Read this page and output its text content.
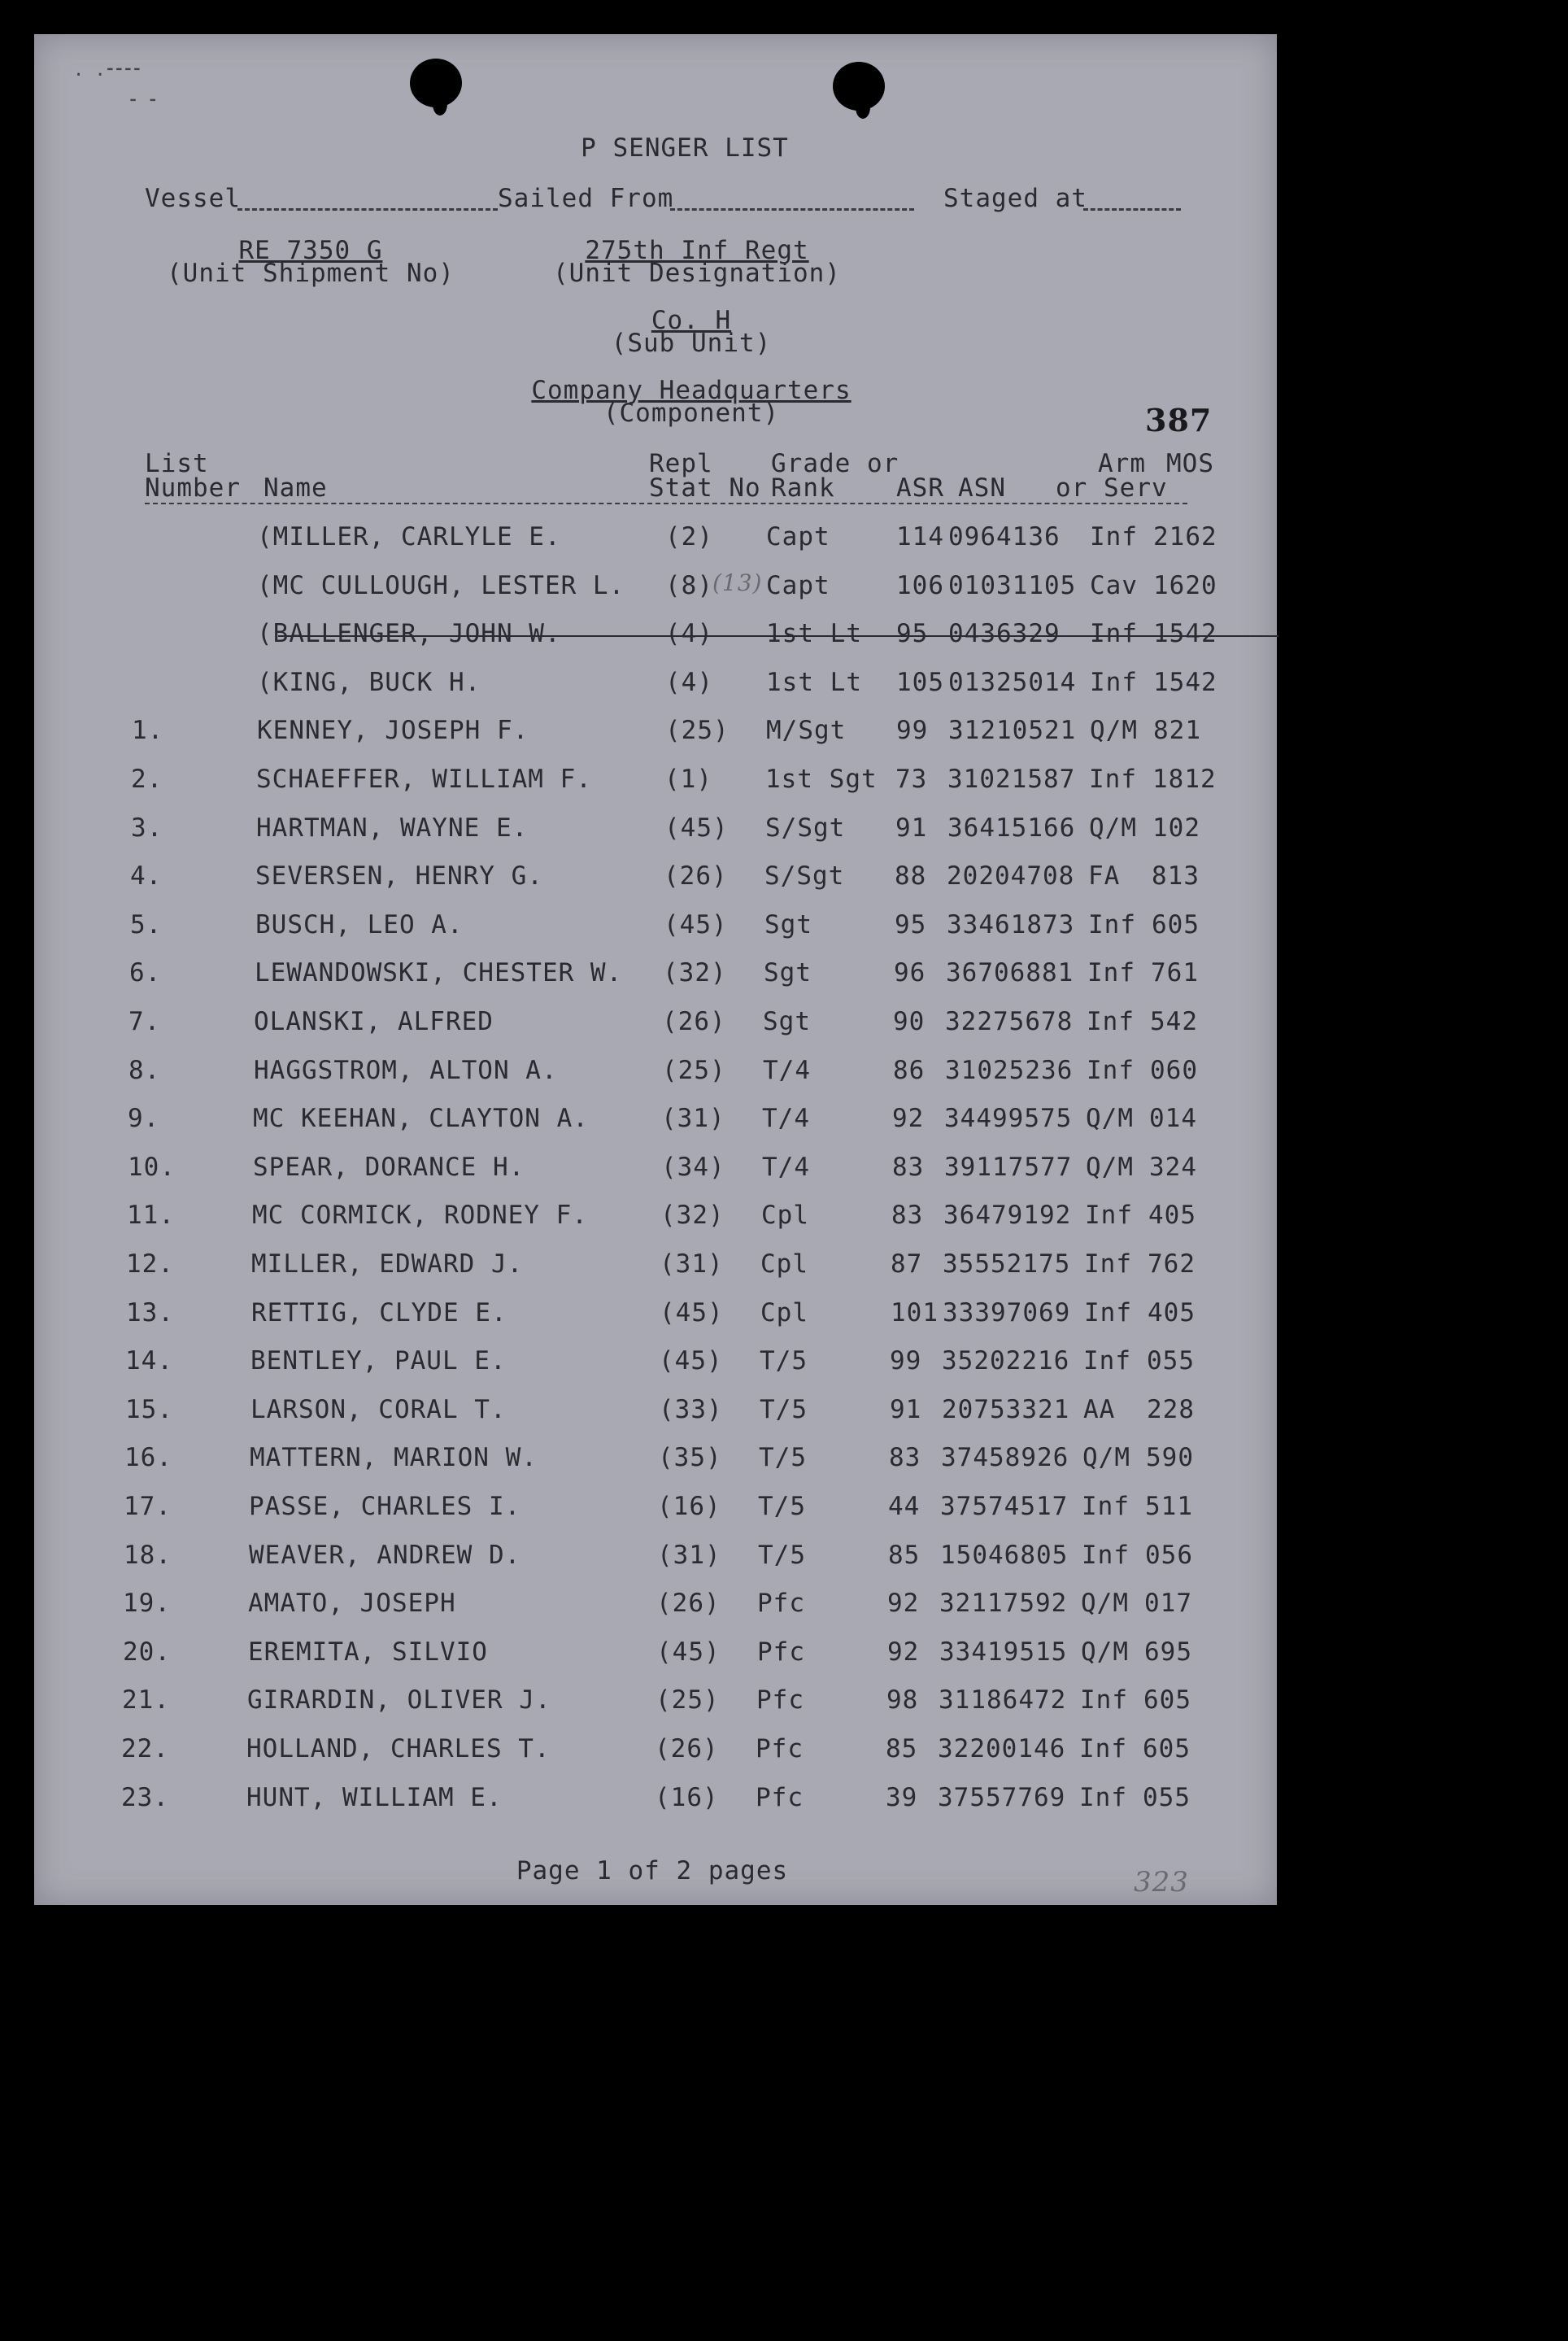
. .⁃⁃⁃⁃
⁃ ⁃
P SENGER LIST
Vessel	Sailed From	Staged at
RE 7350 G
(Unit Shipment No)
275th Inf Regt
(Unit Designation)
Co. H
(Sub Unit)
Company Headquarters
(Component)	387
List
Number Name
Repl
Stat No
Grade or
Rank ASR ASN
Arm
or Serv
MOS
(MILLER, CARLYLE E.	(2) Capt	114 0964136 Inf 2162
(MC CULLOUGH, LESTER L. (8) Capt	106 01031105 Cav 1620
(13)
(BALLENGER, JOHN W.	(4) 1st Lt 95 0436329 Inf 1542
(KING, BUCK H.	(4) 1st Lt 105 01325014 Inf 1542
1.	KENNEY, JOSEPH F.	(25) M/Sgt 99 31210521 Q/M 821
2.	SCHAEFFER, WILLIAM F.	(1) 1st Sgt 73 31021587 Inf 1812
3.	HARTMAN, WAYNE E.	(45) S/Sgt 91 36415166 Q/M 102
4.	SEVERSEN, HENRY G.	(26) S/Sgt 88 20204708 FA 813
5.	BUSCH, LEO A.	(45) Sgt	95 33461873 Inf 605
6.	LEWANDOWSKI, CHESTER W. (32) Sgt	96 36706881 Inf 761
7.	OLANSKI, ALFRED	(26) Sgt	90 32275678 Inf 542
8.	HAGGSTROM, ALTON A.	(25) T/4	86 31025236 Inf 060
9.	MC KEEHAN, CLAYTON A.	(31) T/4	92 34499575 Q/M 014
10.	SPEAR, DORANCE H.	(34) T/4	83 39117577 Q/M 324
11.	MC CORMICK, RODNEY F.	(32) Cpl	83 36479192 Inf 405
12.	MILLER, EDWARD J.	(31) Cpl	87 35552175 Inf 762
13.	RETTIG, CLYDE E.	(45) Cpl	101 33397069 Inf 405
14.	BENTLEY, PAUL E.	(45) T/5	99 35202216 Inf 055
15.	LARSON, CORAL T.	(33) T/5	91 20753321 AA 228
16.	MATTERN, MARION W.	(35) T/5	83 37458926 Q/M 590
17.	PASSE, CHARLES I.	(16) T/5	44 37574517 Inf 511
18.	WEAVER, ANDREW D.	(31) T/5	85 15046805 Inf 056
19.	AMATO, JOSEPH	(26) Pfc	92 32117592 Q/M 017
20.	EREMITA, SILVIO	(45) Pfc	92 33419515 Q/M 695
21.	GIRARDIN, OLIVER J.	(25) Pfc	98 31186472 Inf 605
22.	HOLLAND, CHARLES T.	(26) Pfc	85 32200146 Inf 605
23.	HUNT, WILLIAM E.	(16) Pfc	39 37557769 Inf 055
Page 1 of 2 pages	323
